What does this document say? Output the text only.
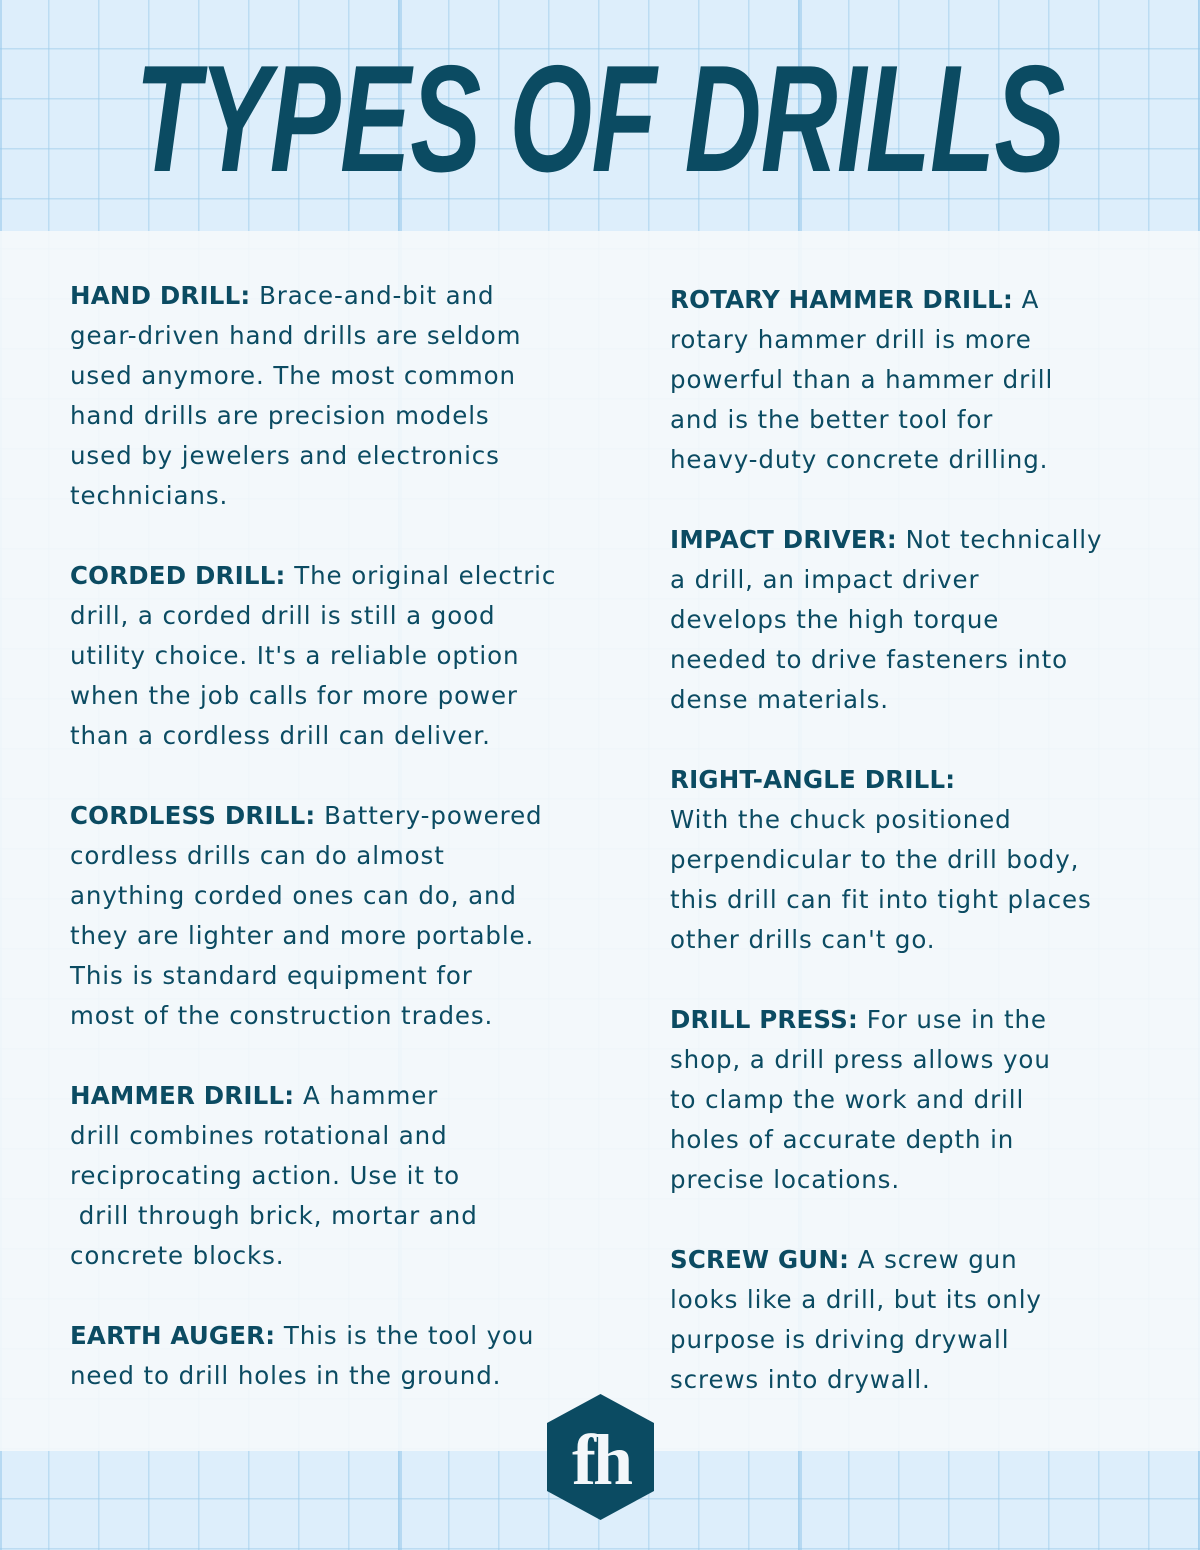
TYPES OF DRILLS
HAND DRILL: Brace-and-bit and
gear-driven hand drills are seldom
used anymore. The most common
hand drills are precision models
used by jewelers and electronics
technicians.
CORDED DRILL: The original electric
drill, a corded drill is still a good
utility choice. It's a reliable option
when the job calls for more power
than a cordless drill can deliver.
CORDLESS DRILL: Battery-powered
cordless drills can do almost
anything corded ones can do, and
they are lighter and more portable.
This is standard equipment for
most of the construction trades.
HAMMER DRILL: A hammer
drill combines rotational and
reciprocating action. Use it to
drill through brick, mortar and
concrete blocks.
EARTH AUGER: This is the tool you
need to drill holes in the ground.
ROTARY HAMMER DRILL: A
rotary hammer drill is more
powerful than a hammer drill
and is the better tool for
heavy-duty concrete drilling.
IMPACT DRIVER: Not technically
a drill, an impact driver
develops the high torque
needed to drive fasteners into
dense materials.
RIGHT-ANGLE DRILL:
With the chuck positioned
perpendicular to the drill body,
this drill can fit into tight places
other drills can't go.
DRILL PRESS: For use in the
shop, a drill press allows you
to clamp the work and drill
holes of accurate depth in
precise locations.
SCREW GUN: A screw gun
looks like a drill, but its only
purpose is driving drywall
screws into drywall.
fh
